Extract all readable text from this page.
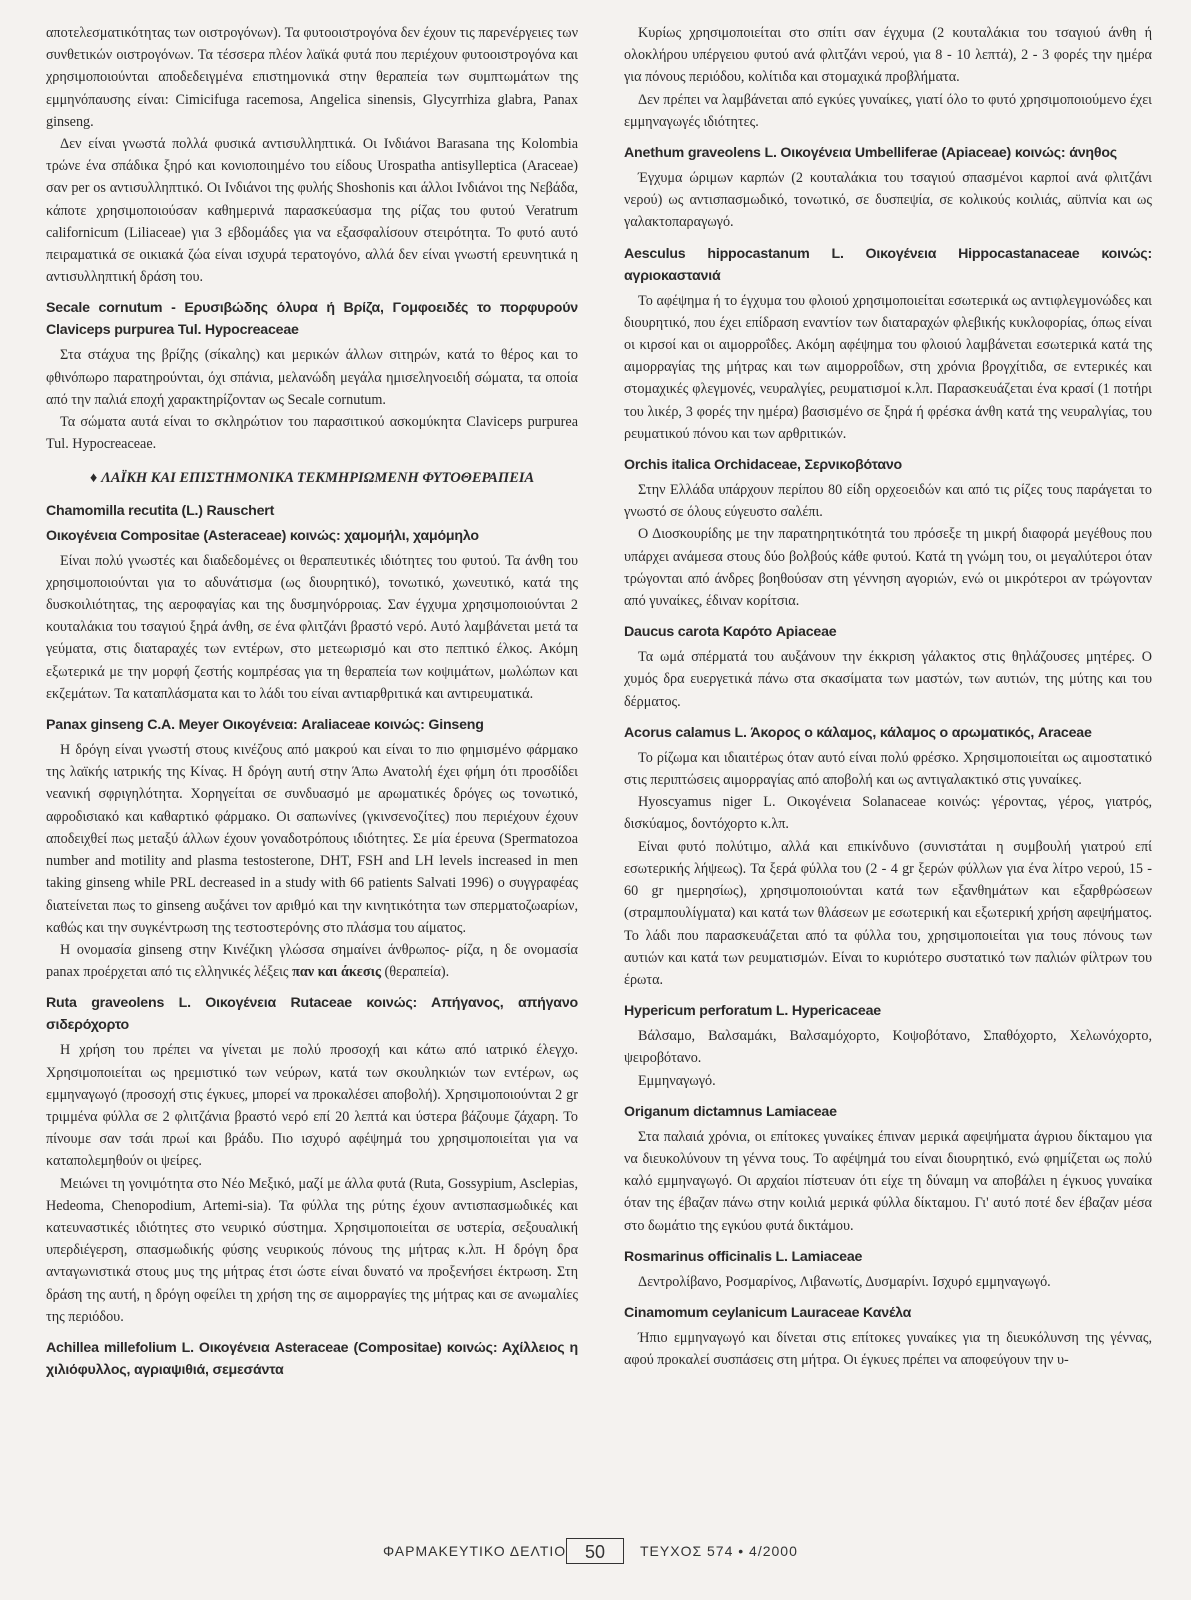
αποτελεσματικότητας των οιστρογόνων). Τα φυτοοιστρογόνα δεν έχουν τις παρενέργειες των συνθετικών οιστρογόνων. Τα τέσσερα πλέον λαϊκά φυτά που περιέχουν φυτοοιστρογόνα και χρησιμοποιούνται αποδεδειγμένα επιστημονικά στην θεραπεία των συμπτωμάτων της εμμηνόπαυσης είναι: Cimicifuga racemosa, Angelica sinensis, Glycyrrhiza glabra, Panax ginseng.

Δεν είναι γνωστά πολλά φυσικά αντισυλληπτικά. Οι Ινδιάνοι Barasana της Kolombia τρώνε ένα σπάδικα ξηρό και κονιοποιημένο του είδους Urospatha antisylleptica (Araceae) σαν per os αντισυλληπτικό. Οι Ινδιάνοι της φυλής Shoshonis και άλλοι Ινδιάνοι της Νεβάδα, κάποτε χρησιμοποιούσαν καθημερινά παρασκεύασμα της ρίζας του φυτού Veratrum californicum (Liliaceae) για 3 εβδομάδες για να εξασφαλίσουν στειρότητα. Το φυτό αυτό πειραματικά σε οικιακά ζώα είναι ισχυρά τερατογόνο, αλλά δεν είναι γνωστή ερευνητικά η αντισυλληπτική δράση του.

Secale cornutum - Ερυσιβώδης όλυρα ή Βρίζα, Γομφοειδές το πορφυρούν Claviceps purpurea Tul. Hypocreaceae

Στα στάχυα της βρίζης (σίκαλης) και μερικών άλλων σιτηρών, κατά το θέρος και το φθινόπωρο παρατηρούνται, όχι σπάνια, μελανώδη μεγάλα ημισεληνοειδή σώματα, τα οποία από την παλιά εποχή χαρακτηρίζονταν ως Secale cornutum.

Τα σώματα αυτά είναι το σκληρώτιον του παρασιτικού ασκομύκητα Claviceps purpurea Tul. Hypocreaceae.

♦ ΛΑΪΚΗ ΚΑΙ ΕΠΙΣΤΗΜΟΝΙΚΑ ΤΕΚΜΗΡΙΩΜΕΝΗ ΦΥΤΟΘΕΡΑΠΕΙΑ
Chamomilla recutita (L.) Rauschert
Οικογένεια Compositae (Asteraceae) κοινώς: χαμομήλι, χαμόμηλο

Είναι πολύ γνωστές και διαδεδομένες οι θεραπευτικές ιδιότητες του φυτού. Τα άνθη του χρησιμοποιούνται για το αδυνάτισμα (ως διουρητικό), τονωτικό, χωνευτικό, κατά της δυσκοιλιότητας, της αεροφαγίας και της δυσμηνόρροιας. Σαν έγχυμα χρησιμοποιούνται 2 κουταλάκια του τσαγιού ξηρά άνθη, σε ένα φλιτζάνι βραστό νερό. Αυτό λαμβάνεται μετά τα γεύματα, στις διαταραχές των εντέρων, στο μετεωρισμό και στο πεπτικό έλκος. Ακόμη εξωτερικά με την μορφή ζεστής κομπρέσας για τη θεραπεία των κοψιμάτων, μωλώπων και εκζεμάτων. Τα καταπλάσματα και το λάδι του είναι αντιαρθριτικά και αντιρευματικά.

Panax ginseng C.A. Meyer Οικογένεια: Araliaceae κοινώς: Ginseng

Η δρόγη είναι γνωστή στους κινέζους από μακρού και είναι το πιο φημισμένο φάρμακο της λαϊκής ιατρικής της Κίνας. Η δρόγη αυτή στην Άπω Ανατολή έχει φήμη ότι προσδίδει νεανική σφριγηλότητα. Χορηγείται σε συνδυασμό με αρωματικές δρόγες ως τονωτικό, αφροδισιακό και καθαρτικό φάρμακο. Οι σαπωνίνες (γκινσενοζίτες) που περιέχουν έχουν αποδειχθεί πως μεταξύ άλλων έχουν γοναδοτρόπους ιδιότητες. Σε μία έρευνα (Spermatozoa number and motility and plasma testosterone, DHT, FSH and LH levels increased in men taking ginseng while PRL decreased in a study with 66 patients Salvati 1996) ο συγγραφέας διατείνεται πως το ginseng αυξάνει τον αριθμό και την κινητικότητα των σπερματοζωαρίων, καθώς και την συγκέντρωση της τεστοστερόνης στο πλάσμα του αίματος.

Η ονομασία ginseng στην Κινέζικη γλώσσα σημαίνει άνθρωπος- ρίζα, η δε ονομασία panax προέρχεται από τις ελληνικές λέξεις παν και άκεσις (θεραπεία).

Ruta graveolens L. Οικογένεια Rutaceae κοινώς: Απήγανος, απήγανο σιδερόχορτο

Η χρήση του πρέπει να γίνεται με πολύ προσοχή και κάτω από ιατρικό έλεγχο. Χρησιμοποιείται ως ηρεμιστικό των νεύρων, κατά των σκουληκιών των εντέρων, ως εμμηναγωγό (προσοχή στις έγκυες, μπορεί να προκαλέσει αποβολή). Χρησιμοποιούνται 2 gr τριμμένα φύλλα σε 2 φλιτζάνια βραστό νερό επί 20 λεπτά και ύστερα βάζουμε ζάχαρη. Το πίνουμε σαν τσάι πρωί και βράδυ. Πιο ισχυρό αφέψημά του χρησιμοποιείται για να καταπολεμηθούν οι ψείρες.

Μειώνει τη γονιμότητα στο Νέο Μεξικό, μαζί με άλλα φυτά (Ruta, Gossypium, Asclepias, Hedeoma, Chenopodium, Artemi-sia). Τα φύλλα της ρύτης έχουν αντισπασμωδικές και κατευναστικές ιδιότητες στο νευρικό σύστημα. Χρησιμοποιείται σε υστερία, σεξουαλική υπερδιέγερση, σπασμωδικής φύσης νευρικούς πόνους της μήτρας κ.λπ. Η δρόγη δρα ανταγωνιστικά στους μυς της μήτρας έτσι ώστε είναι δυνατό να προξενήσει έκτρωση. Στη δράση της αυτή, η δρόγη οφείλει τη χρήση της σε αιμορραγίες της μήτρας και σε ανωμαλίες της περιόδου.

Achillea millefolium L. Οικογένεια Asteraceae (Compositae) κοινώς: Αχίλλειος η χιλιόφυλλος, αγριαψιθιά, σεμεσάντα

Κυρίως χρησιμοποιείται στο σπίτι σαν έγχυμα (2 κουταλάκια του τσαγιού άνθη ή ολοκλήρου υπέργειου φυτού ανά φλιτζάνι νερού, για 8 - 10 λεπτά), 2 - 3 φορές την ημέρα για πόνους περιόδου, κολίτιδα και στομαχικά προβλήματα.

Δεν πρέπει να λαμβάνεται από εγκύες γυναίκες, γιατί όλο το φυτό χρησιμοποιούμενο έχει εμμηναγωγές ιδιότητες.

Anethum graveolens L. Οικογένεια Umbelliferae (Apiaceae) κοινώς: άνηθος

Έγχυμα ώριμων καρπών (2 κουταλάκια του τσαγιού σπασμένοι καρποί ανά φλιτζάνι νερού) ως αντισπασμωδικό, τονωτικό, σε δυσπεψία, σε κολικούς κοιλιάς, αϋπνία και ως γαλακτοπαραγωγό.

Aesculus hippocastanum L. Οικογένεια Hippocastanaceae κοινώς: αγριοκαστανιά

Το αφέψημα ή το έγχυμα του φλοιού χρησιμοποιείται εσωτερικά ως αντιφλεγμονώδες και διουρητικό, που έχει επίδραση εναντίον των διαταραχών φλεβικής κυκλοφορίας, όπως είναι οι κιρσοί και οι αιμορροΐδες. Ακόμη αφέψημα του φλοιού λαμβάνεται εσωτερικά κατά της αιμορραγίας της μήτρας και των αιμορροΐδων, στη χρόνια βρογχίτιδα, σε εντερικές και στομαχικές φλεγμονές, νευραλγίες, ρευματισμοί κ.λπ. Παρασκευάζεται ένα κρασί (1 ποτήρι του λικέρ, 3 φορές την ημέρα) βασισμένο σε ξηρά ή φρέσκα άνθη κατά της νευραλγίας, του ρευματικού πόνου και των αρθριτικών.

Orchis italica Orchidaceae, Σερνικοβότανο

Στην Ελλάδα υπάρχουν περίπου 80 είδη ορχεοειδών και από τις ρίζες τους παράγεται το γνωστό σε όλους εύγευστο σαλέπι.

Ο Διοσκουρίδης με την παρατηρητικότητά του πρόσεξε τη μικρή διαφορά μεγέθους που υπάρχει ανάμεσα στους δύο βολβούς κάθε φυτού. Κατά τη γνώμη του, οι μεγαλύτεροι όταν τρώγονται από άνδρες βοηθούσαν στη γέννηση αγοριών, ενώ οι μικρότεροι αν τρώγονταν από γυναίκες, έδιναν κορίτσια.

Daucus carota Καρότο Apiaceae

Τα ωμά σπέρματά του αυξάνουν την έκκριση γάλακτος στις θηλάζουσες μητέρες. Ο χυμός δρα ευεργετικά πάνω στα σκασίματα των μαστών, των αυτιών, της μύτης και του δέρματος.

Acorus calamus L. Άκορος ο κάλαμος, κάλαμος ο αρωματικός, Araceae

Το ρίζωμα και ιδιαιτέρως όταν αυτό είναι πολύ φρέσκο. Χρησιμοποιείται ως αιμοστατικό στις περιπτώσεις αιμορραγίας από αποβολή και ως αντιγαλακτικό στις γυναίκες.

Hyoscyamus niger L. Οικογένεια Solanaceae κοινώς: γέροντας, γέρος, γιατρός, δισκύαμος, δοντόχορτο κ.λπ.

Είναι φυτό πολύτιμο, αλλά και επικίνδυνο (συνιστάται η συμβουλή γιατρού επί εσωτερικής λήψεως). Τα ξερά φύλλα του (2 - 4 gr ξερών φύλλων για ένα λίτρο νερού, 15 - 60 gr ημερησίως), χρησιμοποιούνται κατά των εξανθημάτων και εξαρθρώσεων (στραμπουλίγματα) και κατά των θλάσεων με εσωτερική και εξωτερική χρήση αφεψήματος. Το λάδι που παρασκευάζεται από τα φύλλα του, χρησιμοποιείται για τους πόνους των αυτιών και κατά των ρευματισμών. Είναι το κυριότερο συστατικό των παλιών φίλτρων του έρωτα.

Hypericum perforatum L. Hypericaceae

Βάλσαμο, Βαλσαμάκι, Βαλσαμόχορτο, Κοψοβότανο, Σπαθόχορτο, Χελωνόχορτο, ψειροβότανο.

Εμμηναγωγό.

Origanum dictamnus Lamiaceae

Στα παλαιά χρόνια, οι επίτοκες γυναίκες έπιναν μερικά αφεψήματα άγριου δίκταμου για να διευκολύνουν τη γέννα τους. Το αφέψημά του είναι διουρητικό, ενώ φημίζεται ως πολύ καλό εμμηναγωγό. Οι αρχαίοι πίστευαν ότι είχε τη δύναμη να αποβάλει η έγκυος γυναίκα όταν της έβαζαν πάνω στην κοιλιά μερικά φύλλα δίκταμου. Γι' αυτό ποτέ δεν έβαζαν μέσα στο δωμάτιο της εγκύου φυτά δικτάμου.

Rosmarinus officinalis L. Lamiaceae

Δεντρολίβανο, Ροσμαρίνος, Λιβανωτίς, Δυσμαρίνι. Ισχυρό εμμηναγωγό.

Cinamomum ceylanicum Lauraceae Κανέλα

Ήπιο εμμηναγωγό και δίνεται στις επίτοκες γυναίκες για τη διευκόλυνση της γέννας, αφού προκαλεί συσπάσεις στη μήτρα. Οι έγκυες πρέπει να αποφεύγουν την υ-

ΦΑΡΜΑΚΕΥΤΙΚΟ ΔΕΛΤΙΟ	50	ΤΕΥΧΟΣ 574 • 4/2000
